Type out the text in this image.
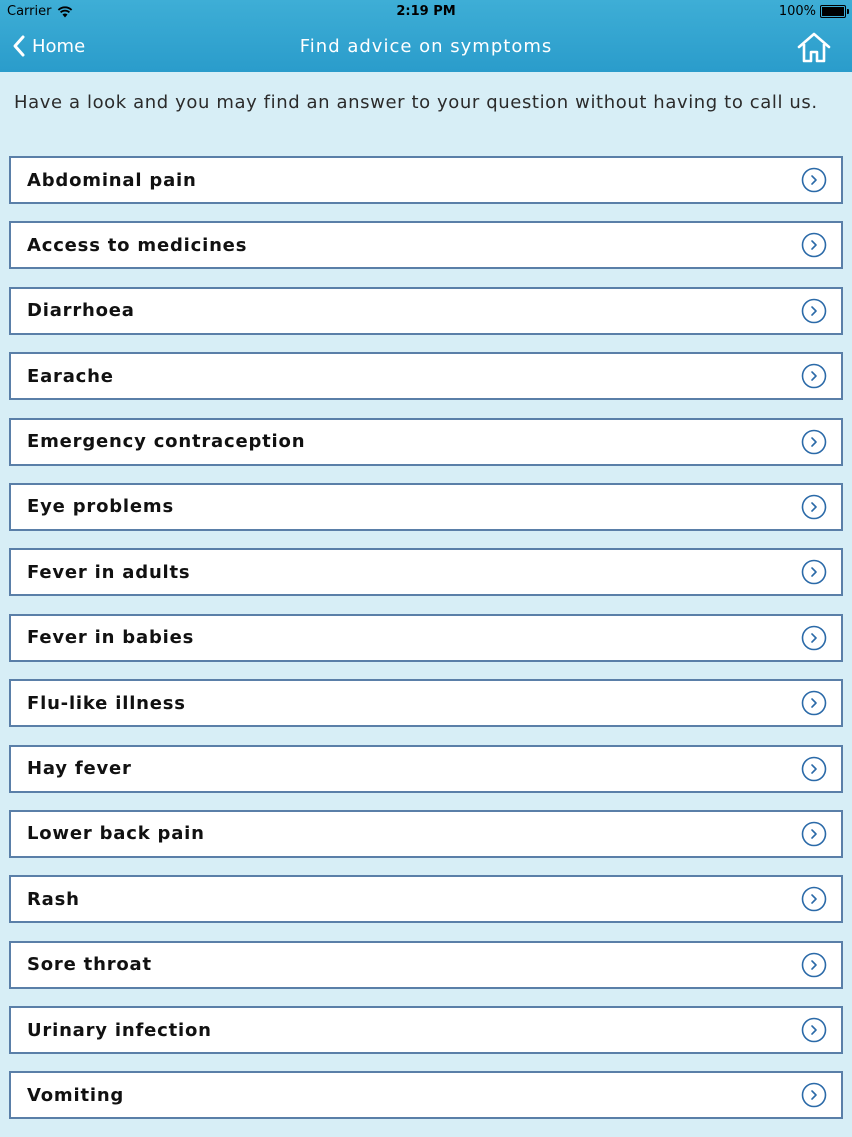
Carrier	2:19 PM	100%
Home	Find advice on symptoms
Have a look and you may find an answer to your question without having to call us.
Abdominal pain
Access to medicines
Diarrhoea
Earache
Emergency contraception
Eye problems
Fever in adults
Fever in babies
Flu-like illness
Hay fever
Lower back pain
Rash
Sore throat
Urinary infection
Vomiting
